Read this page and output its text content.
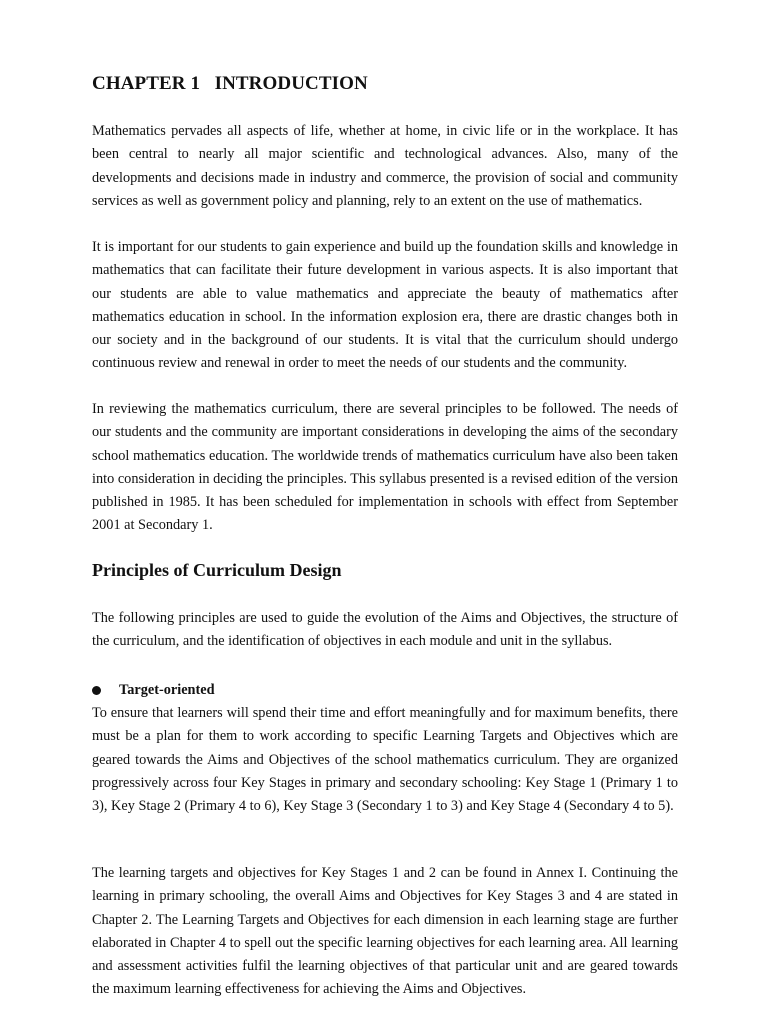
CHAPTER 1   INTRODUCTION

Mathematics pervades all aspects of life, whether at home, in civic life or in the workplace. It has been central to nearly all major scientific and technological advances. Also, many of the developments and decisions made in industry and commerce, the provision of social and community services as well as government policy and planning, rely to an extent on the use of mathematics.

It is important for our students to gain experience and build up the foundation skills and knowledge in mathematics that can facilitate their future development in various aspects. It is also important that our students are able to value mathematics and appreciate the beauty of mathematics after mathematics education in school. In the information explosion era, there are drastic changes both in our society and in the background of our students. It is vital that the curriculum should undergo continuous review and renewal in order to meet the needs of our students and the community.

In reviewing the mathematics curriculum, there are several principles to be followed. The needs of our students and the community are important considerations in developing the aims of the secondary school mathematics education. The worldwide trends of mathematics curriculum have also been taken into consideration in deciding the principles. This syllabus presented is a revised edition of the version published in 1985. It has been scheduled for implementation in schools with effect from September 2001 at Secondary 1.

Principles of Curriculum Design

The following principles are used to guide the evolution of the Aims and Objectives, the structure of the curriculum, and the identification of objectives in each module and unit in the syllabus.

Target-oriented

To ensure that learners will spend their time and effort meaningfully and for maximum benefits, there must be a plan for them to work according to specific Learning Targets and Objectives which are geared towards the Aims and Objectives of the school mathematics curriculum. They are organized progressively across four Key Stages in primary and secondary schooling: Key Stage 1 (Primary 1 to 3), Key Stage 2 (Primary 4 to 6), Key Stage 3 (Secondary 1 to 3) and Key Stage 4 (Secondary 4 to 5).

The learning targets and objectives for Key Stages 1 and 2 can be found in Annex I. Continuing the learning in primary schooling, the overall Aims and Objectives for Key Stages 3 and 4 are stated in Chapter 2. The Learning Targets and Objectives for each dimension in each learning stage are further elaborated in Chapter 4 to spell out the specific learning objectives for each learning area. All learning and assessment activities fulfil the learning objectives of that particular unit and are geared towards the maximum learning effectiveness for achieving the Aims and Objectives.
